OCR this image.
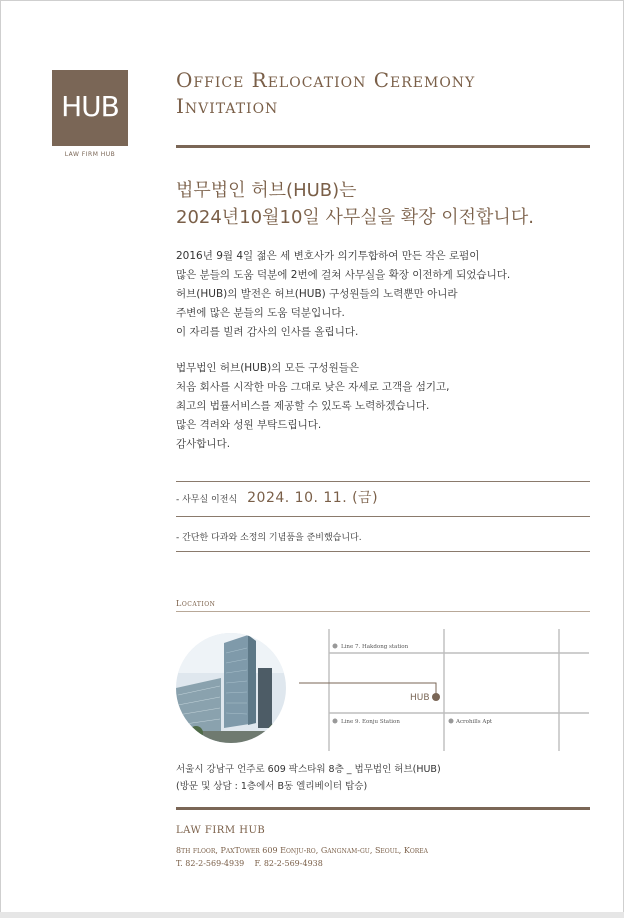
HUB
LAW FIRM HUB
Office Relocation Ceremony
Invitation
법무법인 허브(HUB)는
2024년10월10일 사무실을 확장 이전합니다.
2016년 9월 4일 젊은 세 변호사가 의기투합하여 만든 작은 로펌이
많은 분들의 도움 덕분에 2번에 걸쳐 사무실을 확장 이전하게 되었습니다.
허브(HUB)의 발전은 허브(HUB) 구성원들의 노력뿐만 아니라
주변에 많은 분들의 도움 덕분입니다.
이 자리를 빌려 감사의 인사를 올립니다.
법무법인 허브(HUB)의 모든 구성원들은
처음 회사를 시작한 마음 그대로 낮은 자세로 고객을 섬기고,
최고의 법률서비스를 제공할 수 있도록 노력하겠습니다.
많은 격려와 성원 부탁드립니다.
감사합니다.
- 사무실 이전식 2024. 10. 11. (금)
- 간단한 다과와 소정의 기념품을 준비했습니다.
Location
Line 7. Hakdong station
Line 9. Eonju Station	Acrohills Apt
HUB
서울시 강남구 언주로 609 팍스타워 8층 _ 법무법인 허브(HUB)
(방문 및 상담 : 1층에서 B동 엘리베이터 탑승)
LAW FIRM HUB
8th floor, PaxTower 609 Eonju-ro, Gangnam-gu, Seoul, Korea
T. 82-2-569-4939 F. 82-2-569-4938
